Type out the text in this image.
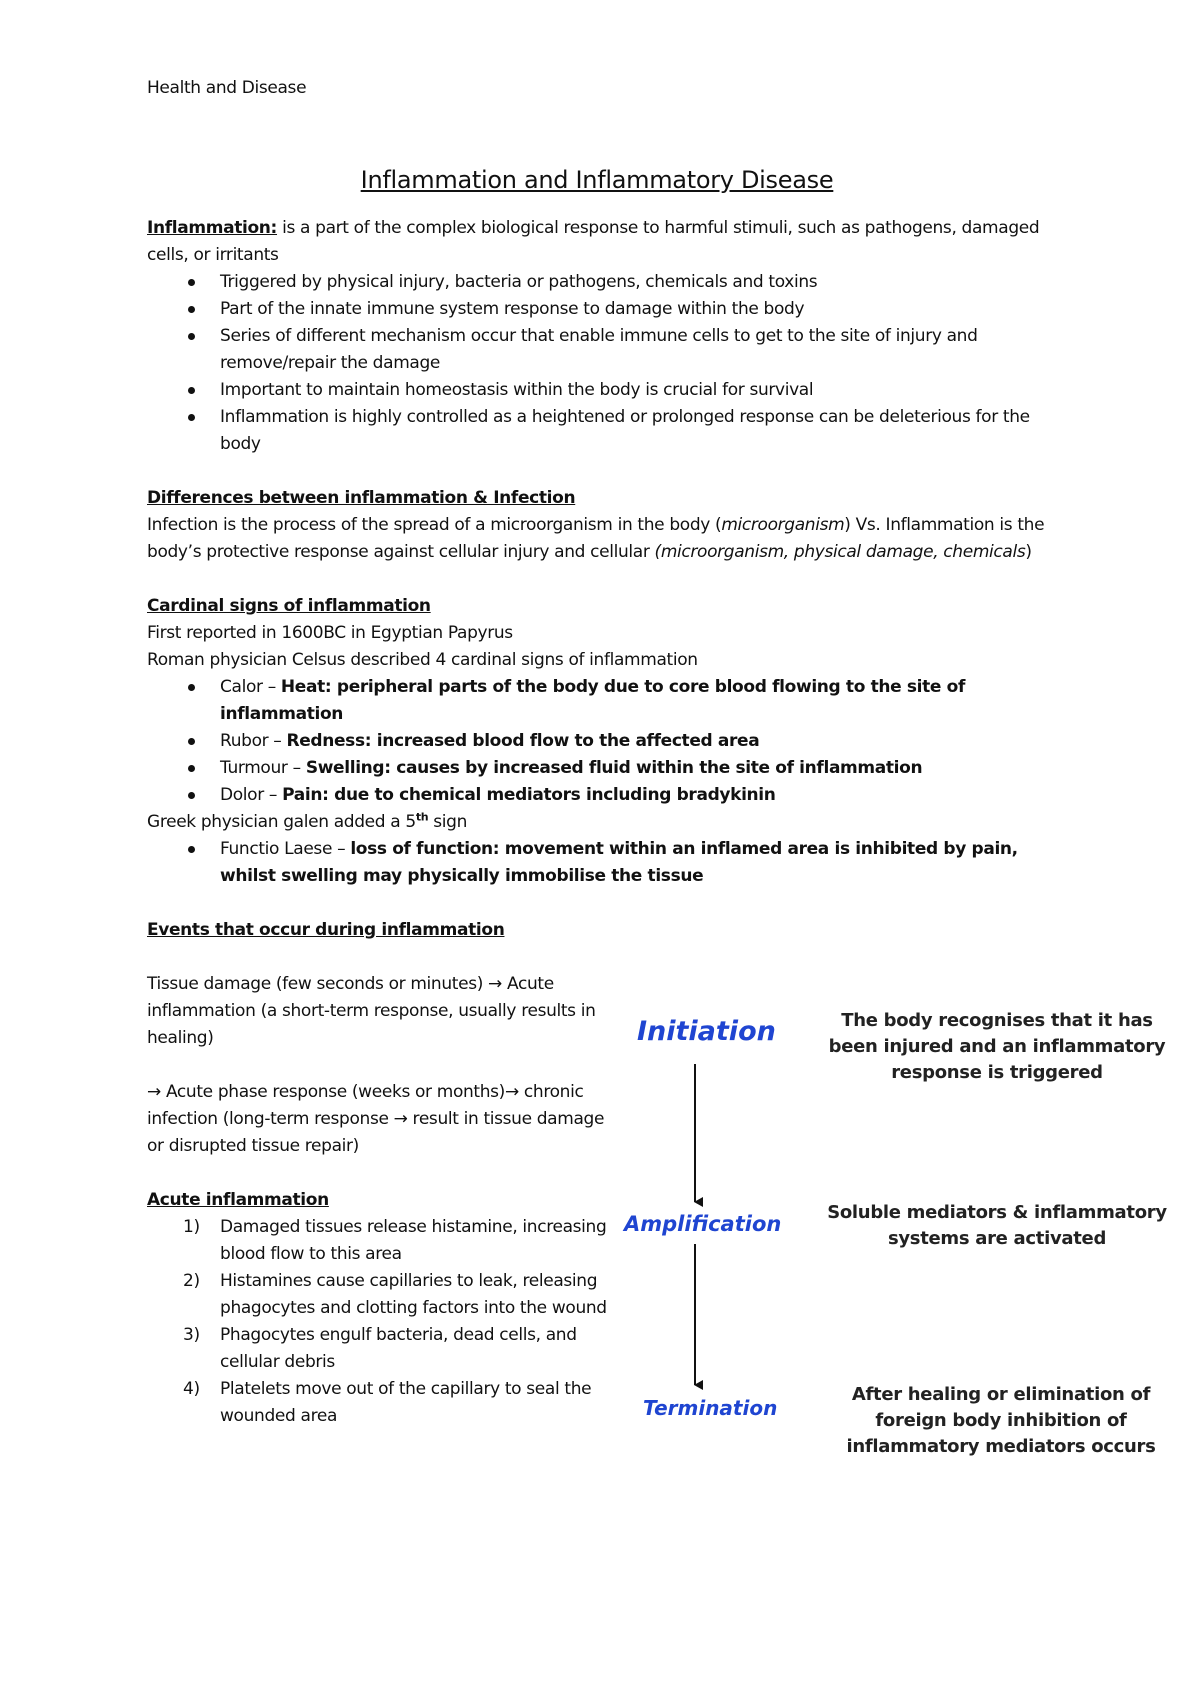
Health and Disease

Inflammation and Inflammatory Disease

Inflammation: is a part of the complex biological response to harmful stimuli, such as pathogens, damaged cells, or irritants

Triggered by physical injury, bacteria or pathogens, chemicals and toxins
Part of the innate immune system response to damage within the body
Series of different mechanism occur that enable immune cells to get to the site of injury and remove/repair the damage
Important to maintain homeostasis within the body is crucial for survival
Inflammation is highly controlled as a heightened or prolonged response can be deleterious for the body

Differences between inflammation & Infection

Infection is the process of the spread of a microorganism in the body (microorganism) Vs. Inflammation is the body’s protective response against cellular injury and cellular (microorganism, physical damage, chemicals)

Cardinal signs of inflammation

First reported in 1600BC in Egyptian Papyrus

Roman physician Celsus described 4 cardinal signs of inflammation

Calor – Heat: peripheral parts of the body due to core blood flowing to the site of inflammation
Rubor – Redness: increased blood flow to the affected area
Turmour – Swelling: causes by increased fluid within the site of inflammation
Dolor – Pain: due to chemical mediators including bradykinin

Greek physician galen added a 5th sign

Functio Laese – loss of function: movement within an inflamed area is inhibited by pain, whilst swelling may physically immobilise the tissue

Events that occur during inflammation

Tissue damage (few seconds or minutes) → Acute inflammation (a short-term response, usually results in healing)

→ Acute phase response (weeks or months)→ chronic infection (long-term response → result in tissue damage or disrupted tissue repair)

Acute inflammation

1) Damaged tissues release histamine, increasing blood flow to this area
2) Histamines cause capillaries to leak, releasing phagocytes and clotting factors into the wound
3) Phagocytes engulf bacteria, dead cells, and cellular debris
4) Platelets move out of the capillary to seal the wounded area
Initiation
Amplification
Termination
The body recognises that it has been injured and an inflammatory response is triggered
Soluble mediators & inflammatory systems are activated
After healing or elimination of foreign body inhibition of inflammatory mediators occurs
